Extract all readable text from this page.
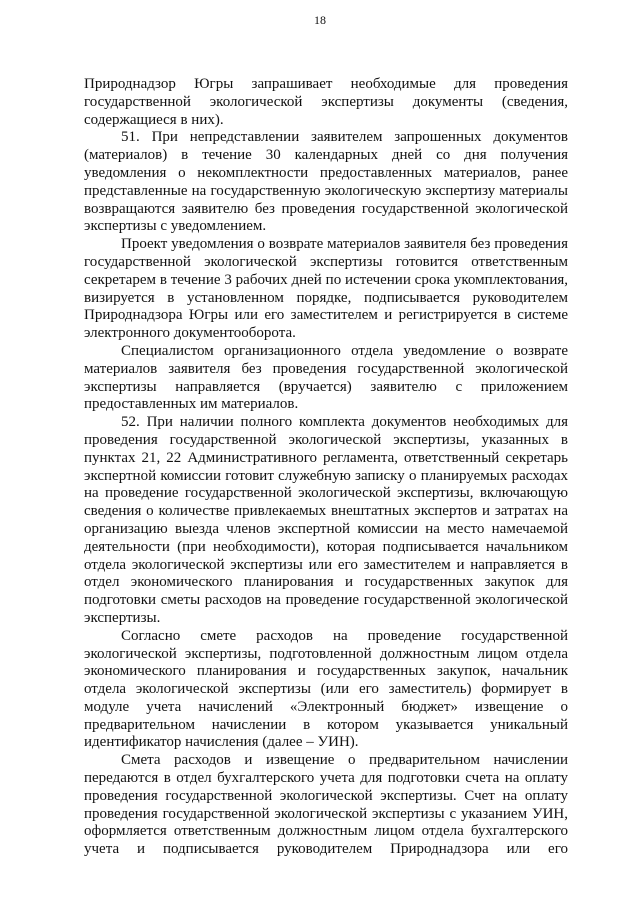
18

Природнадзор Югры запрашивает необходимые для проведения государственной экологической экспертизы документы (сведения, содержащиеся в них).

51. При непредставлении заявителем запрошенных документов (материалов) в течение 30 календарных дней со дня получения уведомления о некомплектности предоставленных материалов, ранее представленные на государственную экологическую экспертизу материалы возвращаются заявителю без проведения государственной экологической экспертизы с уведомлением.

Проект уведомления о возврате материалов заявителя без проведения государственной экологической экспертизы готовится ответственным секретарем в течение 3 рабочих дней по истечении срока укомплектования, визируется в установленном порядке, подписывается руководителем Природнадзора Югры или его заместителем и регистрируется в системе электронного документооборота.

Специалистом организационного отдела уведомление о возврате материалов заявителя без проведения государственной экологической экспертизы направляется (вручается) заявителю с приложением предоставленных им материалов.

52. При наличии полного комплекта документов необходимых для проведения государственной экологической экспертизы, указанных в пунктах 21, 22 Административного регламента, ответственный секретарь экспертной комиссии готовит служебную записку о планируемых расходах на проведение государственной экологической экспертизы, включающую сведения о количестве привлекаемых внештатных экспертов и затратах на организацию выезда членов экспертной комиссии на место намечаемой деятельности (при необходимости), которая подписывается начальником отдела экологической экспертизы или его заместителем и направляется в отдел экономического планирования и государственных закупок для подготовки сметы расходов на проведение государственной экологической экспертизы.

Согласно смете расходов на проведение государственной экологической экспертизы, подготовленной должностным лицом отдела экономического планирования и государственных закупок, начальник отдела экологической экспертизы (или его заместитель) формирует в модуле учета начислений «Электронный бюджет» извещение о предварительном начислении в котором указывается уникальный идентификатор начисления (далее – УИН).

Смета расходов и извещение о предварительном начислении передаются в отдел бухгалтерского учета для подготовки счета на оплату проведения государственной экологической экспертизы. Счет на оплату проведения государственной экологической экспертизы с указанием УИН, оформляется ответственным должностным лицом отдела бухгалтерского учета и подписывается руководителем Природнадзора или его
